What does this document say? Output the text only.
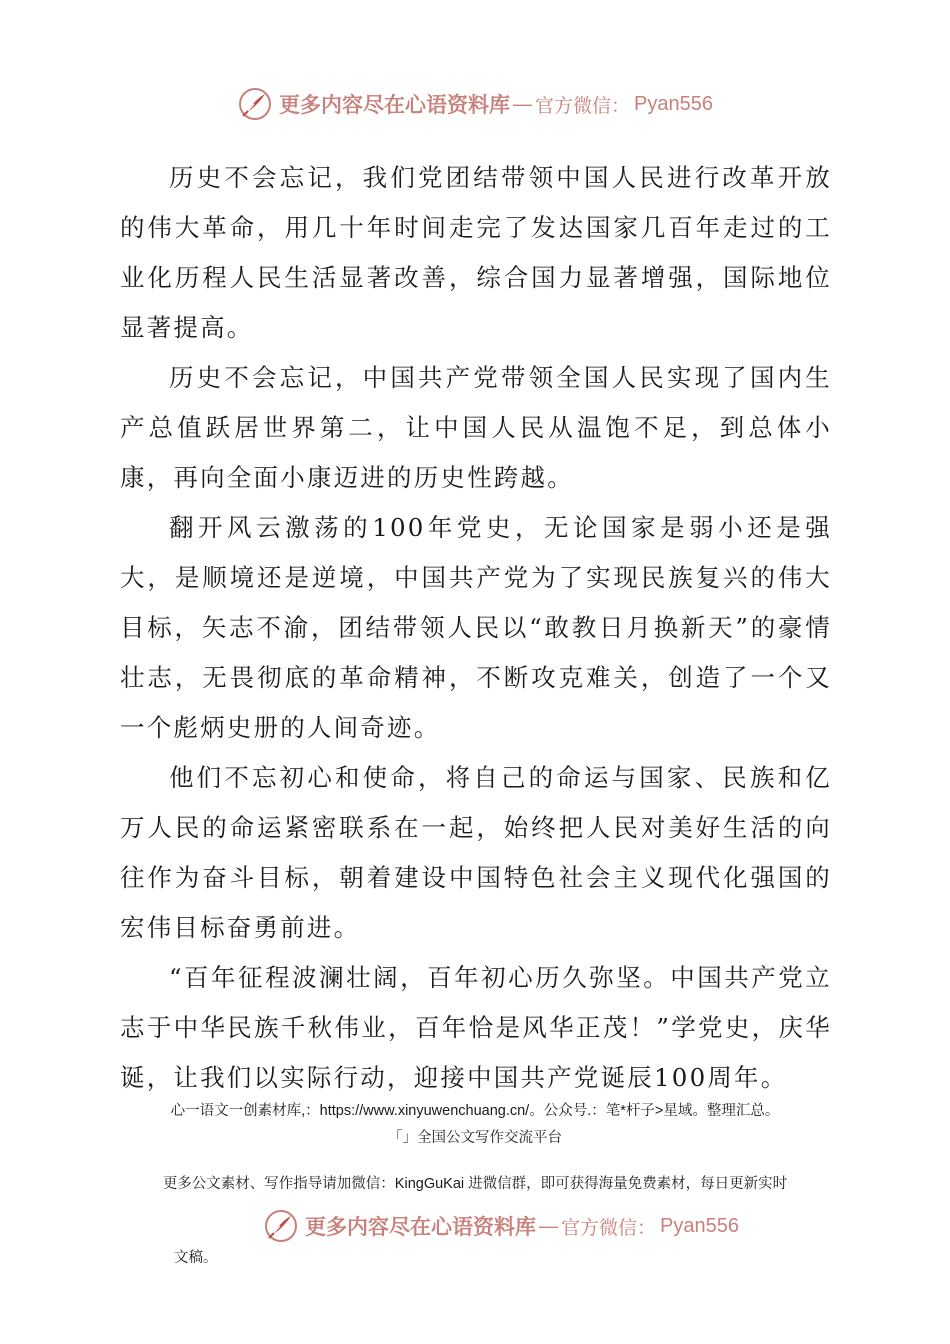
更多内容尽在心语资料库 — 官方微信： Pyan556

历史不会忘记，我们党团结带领中国人民进行改革开放的伟大革命，用几十年时间走完了发达国家几百年走过的工业化历程人民生活显著改善，综合国力显著增强，国际地位显著提高。

历史不会忘记，中国共产党带领全国人民实现了国内生产总值跃居世界第二，让中国人民从温饱不足，到总体小康，再向全面小康迈进的历史性跨越。

翻开风云激荡的100年党史，无论国家是弱小还是强大，是顺境还是逆境，中国共产党为了实现民族复兴的伟大目标，矢志不渝，团结带领人民以“敢教日月换新天”的豪情壮志，无畏彻底的革命精神，不断攻克难关，创造了一个又一个彪炳史册的人间奇迹。

他们不忘初心和使命，将自己的命运与国家、民族和亿万人民的命运紧密联系在一起，始终把人民对美好生活的向往作为奋斗目标，朝着建设中国特色社会主义现代化强国的宏伟目标奋勇前进。

“百年征程波澜壮阔，百年初心历久弥坚。中国共产党立志于中华民族千秋伟业，百年恰是风华正茂！”学党史，庆华诞，让我们以实际行动，迎接中国共产党诞辰100周年。

心一语文一创素材库,：https://www.xinyuwenchuang.cn/。公众号.：笔*杆子>星域。整理汇总。
「」全国公文写作交流平台
更多公文素材、写作指导请加微信：KingGuKai 进微信群，即可获得海量免费素材，每日更新实时
更多内容尽在心语资料库 — 官方微信： Pyan556
文稿。
